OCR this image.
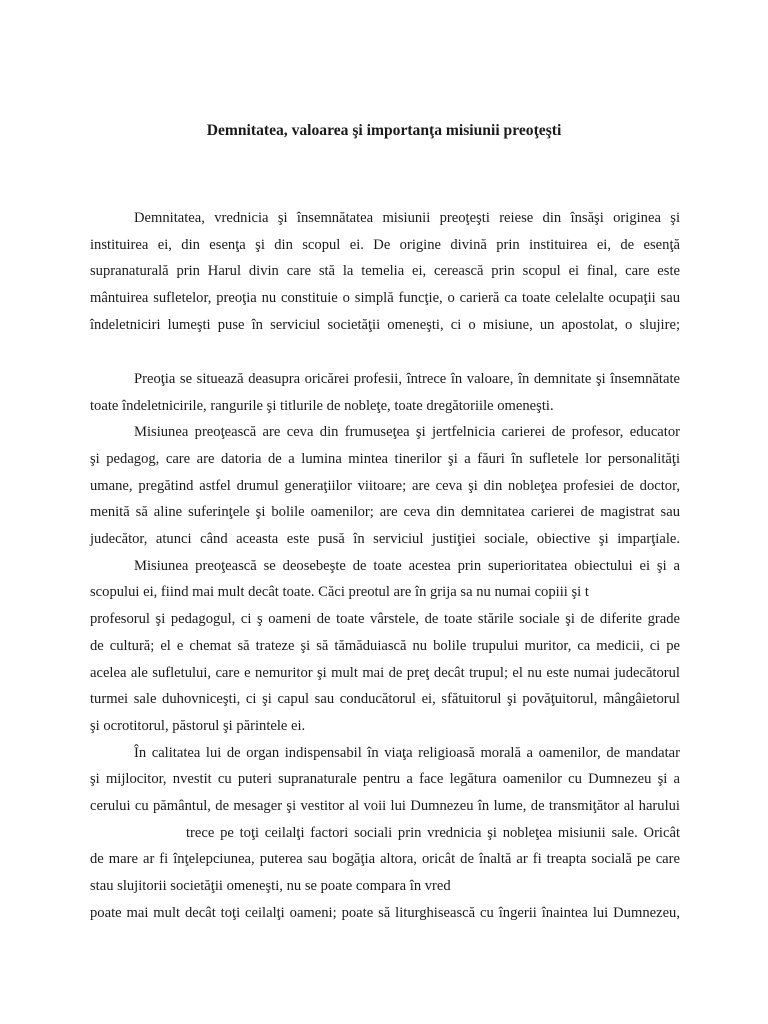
Demnitatea, valoarea şi importanţa misiunii preoţeşti
Demnitatea, vrednicia şi însemnătatea misiunii preoţeşti reiese din însăşi originea şi
instituirea ei, din esenţa şi din scopul ei. De origine divină prin instituirea ei, de esenţă
supranaturală prin Harul divin care stă la temelia ei, cerească prin scopul ei final, care este
mântuirea sufletelor, preoţia nu constituie o simplă funcţie, o carieră ca toate celelalte ocupaţii sau
îndeletniciri lumeşti puse în serviciul societăţii omeneşti, ci o misiune, un apostolat, o slujire;
Preoţia se situează deasupra oricărei profesii, întrece în valoare, în demnitate şi însemnătate
toate îndeletnicirile, rangurile şi titlurile de nobleţe, toate dregătoriile omeneşti.
Misiunea preoţească are ceva din frumuseţea şi jertfelnicia carierei de profesor, educator
şi pedagog, care are datoria de a lumina mintea tinerilor şi a făuri în sufletele lor personalităţi
umane, pregătind astfel drumul generaţiilor viitoare; are ceva şi din nobleţea profesiei de doctor,
menită să aline suferinţele şi bolile oamenilor; are ceva din demnitatea carierei de magistrat sau
judecător, atunci când aceasta este pusă în serviciul justiţiei sociale, obiective şi imparţiale.
Misiunea preoţească se deosebeşte de toate acestea prin superioritatea obiectului ei şi a
scopului ei, fiind mai mult decât toate. Căci preotul are în grija sa nu numai copiii şi t
profesorul şi pedagogul, ci ş oameni de toate vârstele, de toate stările sociale şi de diferite grade
de cultură; el e chemat să trateze şi să tămăduiască nu bolile trupului muritor, ca medicii, ci pe
acelea ale sufletului, care e nemuritor şi mult mai de preţ decât trupul; el nu este numai judecătorul
turmei sale duhovniceşti, ci şi capul sau conducătorul ei, sfătuitorul şi povăţuitorul, mângâietorul
şi ocrotitorul, păstorul şi părintele ei.
În calitatea lui de organ indispensabil în viaţa religioasă morală a oamenilor, de mandatar
şi mijlocitor, nvestit cu puteri supranaturale pentru a face legătura oamenilor cu Dumnezeu şi a
cerului cu pământul, de mesager şi vestitor al voii lui Dumnezeu în lume, de transmiţător al harului
trece pe toţi ceilalţi factori sociali prin vrednicia şi nobleţea misiunii sale. Oricât
de mare ar fi înţelepciunea, puterea sau bogăţia altora, oricât de înaltă ar fi treapta socială pe care
stau slujitorii societăţii omeneşti, nu se poate compara în vred
poate mai mult decât toţi ceilalţi oameni; poate să liturghisească cu îngerii înaintea lui Dumnezeu,
